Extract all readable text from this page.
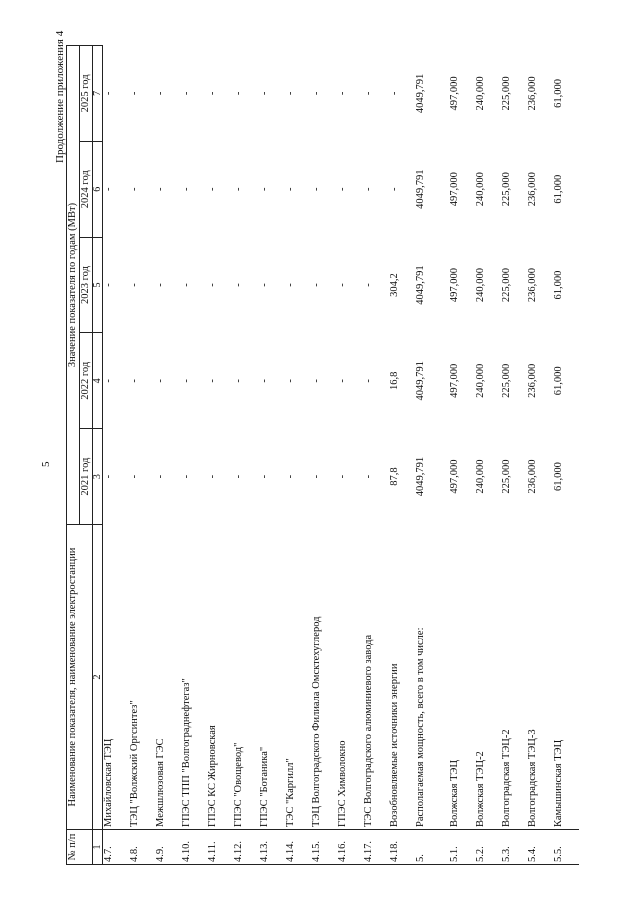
5
Продолжение приложения 4
№ п/п	Наименование показателя, наименование электростанции	Значение показателя по годам (МВт)				
		2021 год	2022 год	2023 год	2024 год	2025 год
1	2	3	4	5	6	7
4.7.	Михайловская ТЭЦ	-	-	-	-	-
4.8.	ТЭЦ "Волжский Оргсинтез"	-	-	-	-	-
4.9.	Межшлюзовая ГЭС	-	-	-	-	-
4.10.	ГПЭС ТПП "Волгограднефтегаз"	-	-	-	-	-
4.11.	ГПЭС КС Жирновская	-	-	-	-	-
4.12.	ГПЭС "Овощевод"	-	-	-	-	-
4.13.	ГПЭС "Ботаника"	-	-	-	-	-
4.14.	ТЭС "Каргилл"	-	-	-	-	-
4.15.	ТЭЦ Волгоградского Филиала Омсктехуглерод	-	-	-	-	-
4.16.	ГПЭС Химволокно	-	-	-	-	-
4.17.	ТЭС Волгоградского алюминиевого завода	-	-	-	-	-
4.18.	Возобновляемые источники энергии	87,8	16,8	304,2	-	-
5.	Располагаемая мощность, всего в том числе:	4049,791	4049,791	4049,791	4049,791	4049,791
5.1.	Волжская ТЭЦ	497,000	497,000	497,000	497,000	497,000
5.2.	Волжская ТЭЦ-2	240,000	240,000	240,000	240,000	240,000
5.3.	Волгоградская ТЭЦ-2	225,000	225,000	225,000	225,000	225,000
5.4.	Волгоградская ТЭЦ-3	236,000	236,000	236,000	236,000	236,000
5.5.	Камышинская ТЭЦ	61,000	61,000	61,000	61,000	61,000
